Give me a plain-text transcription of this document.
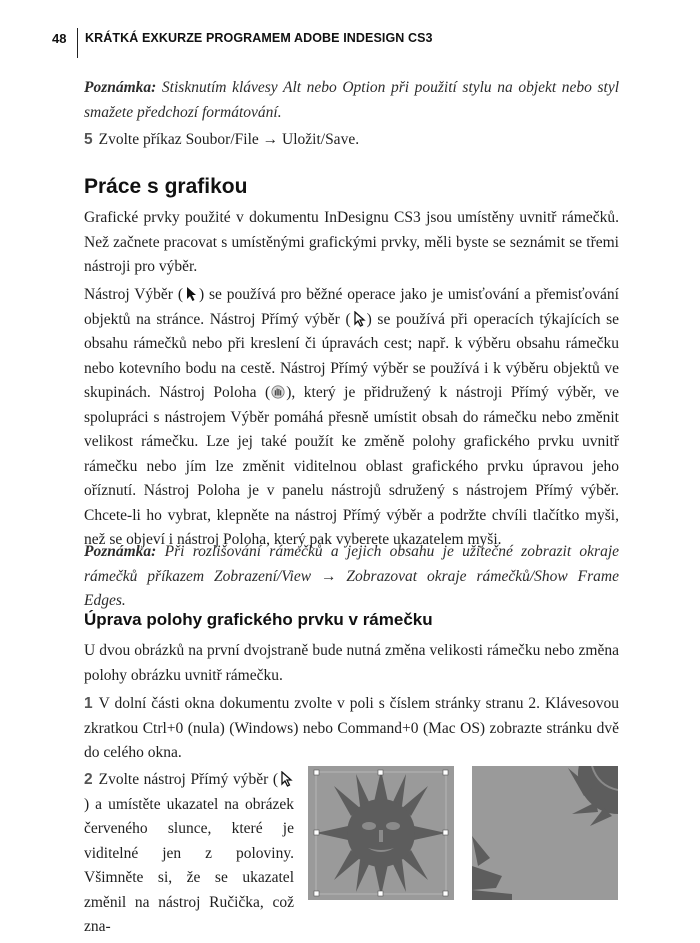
48 KRÁTKÁ EXKURZE PROGRAMEM ADOBE INDESIGN CS3

Poznámka: Stisknutím klávesy Alt nebo Option při použití stylu na objekt nebo styl smažete předchozí formátování.

5 Zvolte příkaz Soubor/File → Uložit/Save.

Práce s grafikou

Grafické prvky použité v dokumentu InDesignu CS3 jsou umístěny uvnitř rámečků. Než začnete pracovat s umístěnými grafickými prvky, měli byste se seznámit se třemi nástroji pro výběr.

Nástroj Výběr ( ) se používá pro běžné operace jako je umisťování a přemisťování objektů na stránce. Nástroj Přímý výběr ( ) se používá při operacích týkajících se obsahu rámečků nebo při kreslení či úpravách cest; např. k výběru obsahu rámečku nebo kotevního bodu na cestě. Nástroj Přímý výběr se používá i k výběru objektů ve skupinách. Nástroj Poloha ( ), který je přidružený k nástroji Přímý výběr, ve spolupráci s nástrojem Výběr pomáhá přesně umístit obsah do rámečku nebo změnit velikost rámečku. Lze jej také použít ke změně polohy grafického prvku uvnitř rámečku nebo jím lze změnit viditelnou oblast grafického prvku úpravou jeho oříznutí. Nástroj Poloha je v panelu nástrojů sdružený s nástrojem Přímý výběr. Chcete-li ho vybrat, klepněte na nástroj Přímý výběr a podržte chvíli tlačítko myši, než se objeví i nástroj Poloha, který pak vyberete ukazatelem myši.

Poznámka: Při rozlišování rámečků a jejich obsahu je užitečné zobrazit okraje rámečků příkazem Zobrazení/View → Zobrazovat okraje rámečků/Show Frame Edges.

Úprava polohy grafického prvku v rámečku

U dvou obrázků na první dvojstraně bude nutná změna velikosti rámečku nebo změna polohy obrázku uvnitř rámečku.

1 V dolní části okna dokumentu zvolte v poli s číslem stránky stranu 2. Klávesovou zkratkou Ctrl+0 (nula) (Windows) nebo Command+0 (Mac OS) zobrazte stránku dvě do celého okna.

2 Zvolte nástroj Přímý výběr () a umístěte ukazatel na obrázek červeného slunce, které je viditelné jen z poloviny. Všimněte si, že se ukazatel změnil na nástroj Ručička, což zna-
